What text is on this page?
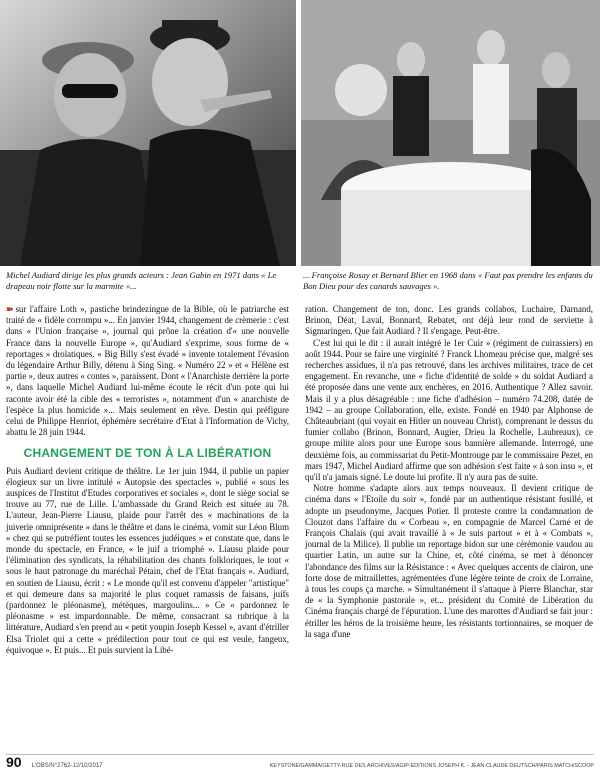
Michel Audiard dirige les plus grands acteurs : Jean Gabin en 1971 dans « Le drapeau noir flotte sur la marmite »...
... Françoise Rosay et Bernard Blier en 1968 dans « Faut pas prendre les enfants du Bon Dieu pour des canards sauvages ».

➽ sur l'affaire Loth », pastiche brindezingue de la Bible, où le patriarche est traité de « fidèle corrompu »... En janvier 1944, changement de crèmerie : c'est dans « l'Union française », journal qui prône la création d'« une nouvelle France dans la nouvelle Europe », qu'Audiard s'exprime, sous forme de « reportages » drolatiques. « Big Billy s'est évadé » invente totalement l'évasion du légendaire Arthur Billy, détenu à Sing Sing. « Numéro 22 » et « Hélène est partie », deux autres « contes », paraissent. Dont « l'Anarchiste derrière la porte », dans laquelle Michel Audiard lui-même écoute le récit d'un pote qui lui raconte avoir été la cible des « terroristes », notamment d'un « anarchiste de l'espèce la plus homicide »... Mais seulement en rêve. Destin qui préfigure celui de Philippe Henriot, éphémère secrétaire d'Etat à l'Information de Vichy, abattu le 28 juin 1944.

CHANGEMENT DE TON À LA LIBÉRATION

Puis Audiard devient critique de théâtre. Le 1er juin 1944, il publie un papier élogieux sur un livre intitulé « Autopsie des spectacles », publié « sous les auspices de l'Institut d'Etudes corporatives et sociales », dont le siège social se trouve au 77, rue de Lille. L'ambassade du Grand Reich est située au 78. L'auteur, Jean-Pierre Liausu, plaide pour l'arrêt des « machinations de la juiverie omniprésente » dans le théâtre et dans le cinéma, vomit sur Léon Blum « chez qui se putréfient toutes les essences judéiques » et constate que, dans le monde du spectacle, en France, « le juif a triomphé ». Liausu plaide pour l'élimination des syndicats, la réhabilitation des chants folkloriques, le tout « sous le haut patronage du maréchal Pétain, chef de l'Etat français ». Audiard, en soutien de Liausu, écrit : « Le monde qu'il est convenu d'appeler "artistique" et qui demeure dans sa majorité le plus coquet ramassis de faisans, juifs (pardonnez le pléonasme), métèques, margoulins... » Ce « pardonnez le pléonasme » est impardonnable. De même, consacrant sa rubrique à la littérature, Audiard s'en prend au « petit youpin Joseph Kessel », avant d'étriller Elsa Triolet qui a cette « prédilection pour tout ce qui est veule, fangeux, équivoque ». Et puis... Et puis survient la Libé-

ration. Changement de ton, donc. Les grands collabos, Luchaire, Darnand, Brinon, Déat, Laval, Bonnard, Rebatet, ont déjà leur rond de serviette à Sigmaringen. Que fait Audiard ? Il s'engage. Peut-être.

C'est lui qui le dit : il aurait intégré le 1er Cuir » (régiment de cuirassiers) en août 1944. Pour se faire une virginité ? Franck Lhomeau précise que, malgré ses recherches assidues, il n'a pas retrouvé, dans les archives militaires, trace de cet engagement. En revanche, une « fiche d'identité de solde » du soldat Audiard a été proposée dans une vente aux enchères, en 2016. Authentique ? Allez savoir. Mais il y a plus désagréable : une fiche d'adhésion – numéro 74.208, datée de 1942 – au groupe Collaboration, elle, existe. Fondé en 1940 par Alphonse de Châteaubriant (qui voyait en Hitler un nouveau Christ), comprenant le dessus du fumier collabo (Brinon, Bonnard, Augier, Drieu la Rochelle, Laubreaux), ce groupe milite alors pour une Europe sous bannière allemande. Interrogé, une deuxième fois, au commissariat du Petit-Montrouge par le commissaire Pezet, en mars 1947, Michel Audiard affirme que son adhésion s'est faite « à son insu », et qu'il n'a jamais signé. Le doute lui profite. Il n'y aura pas de suite.

Notre homme s'adapte alors aux temps nouveaux. Il devient critique de cinéma dans « l'Etoile du soir », fondé par un authentique résistant fusillé, et adopte un pseudonyme, Jacques Potier. Il proteste contre la condamnation de Clouzot dans l'affaire du « Corbeau », en compagnie de Marcel Carné et de François Chalais (qui avait travaillé à « Je suis partout » et à « Combats », journal de la Milice). Il publie un reportage bidon sur une cérémonie vaudou au quartier Latin, un autre sur la Chine, et, côté cinéma, se met à dénoncer l'abondance des films sur la Résistance : « Avec quelques accents de clairon, une forte dose de mitraillettes, agrémentées d'une légère teinte de croix de Lorraine, à tous les coups ça marche. » Simultanément il s'attaque à Pierre Blanchar, star de « la Symphonie pastorale », et... président du Comité de Libération du Cinéma français chargé de l'épuration. L'une des marottes d'Audiard se fait jour : étriller les héros de la troisième heure, les résistants tortionnaires, se moquer de la saga d'une

90 L'OBS/N°2762-12/10/2017	KEYSTONE/GAMMA/GETTY-RUE DES ARCHIVES/AGIP-EDITIONS JOSEPH K. - JEAN-CLAUDE DEUTSCH/PARIS MATCH/SCOOP
